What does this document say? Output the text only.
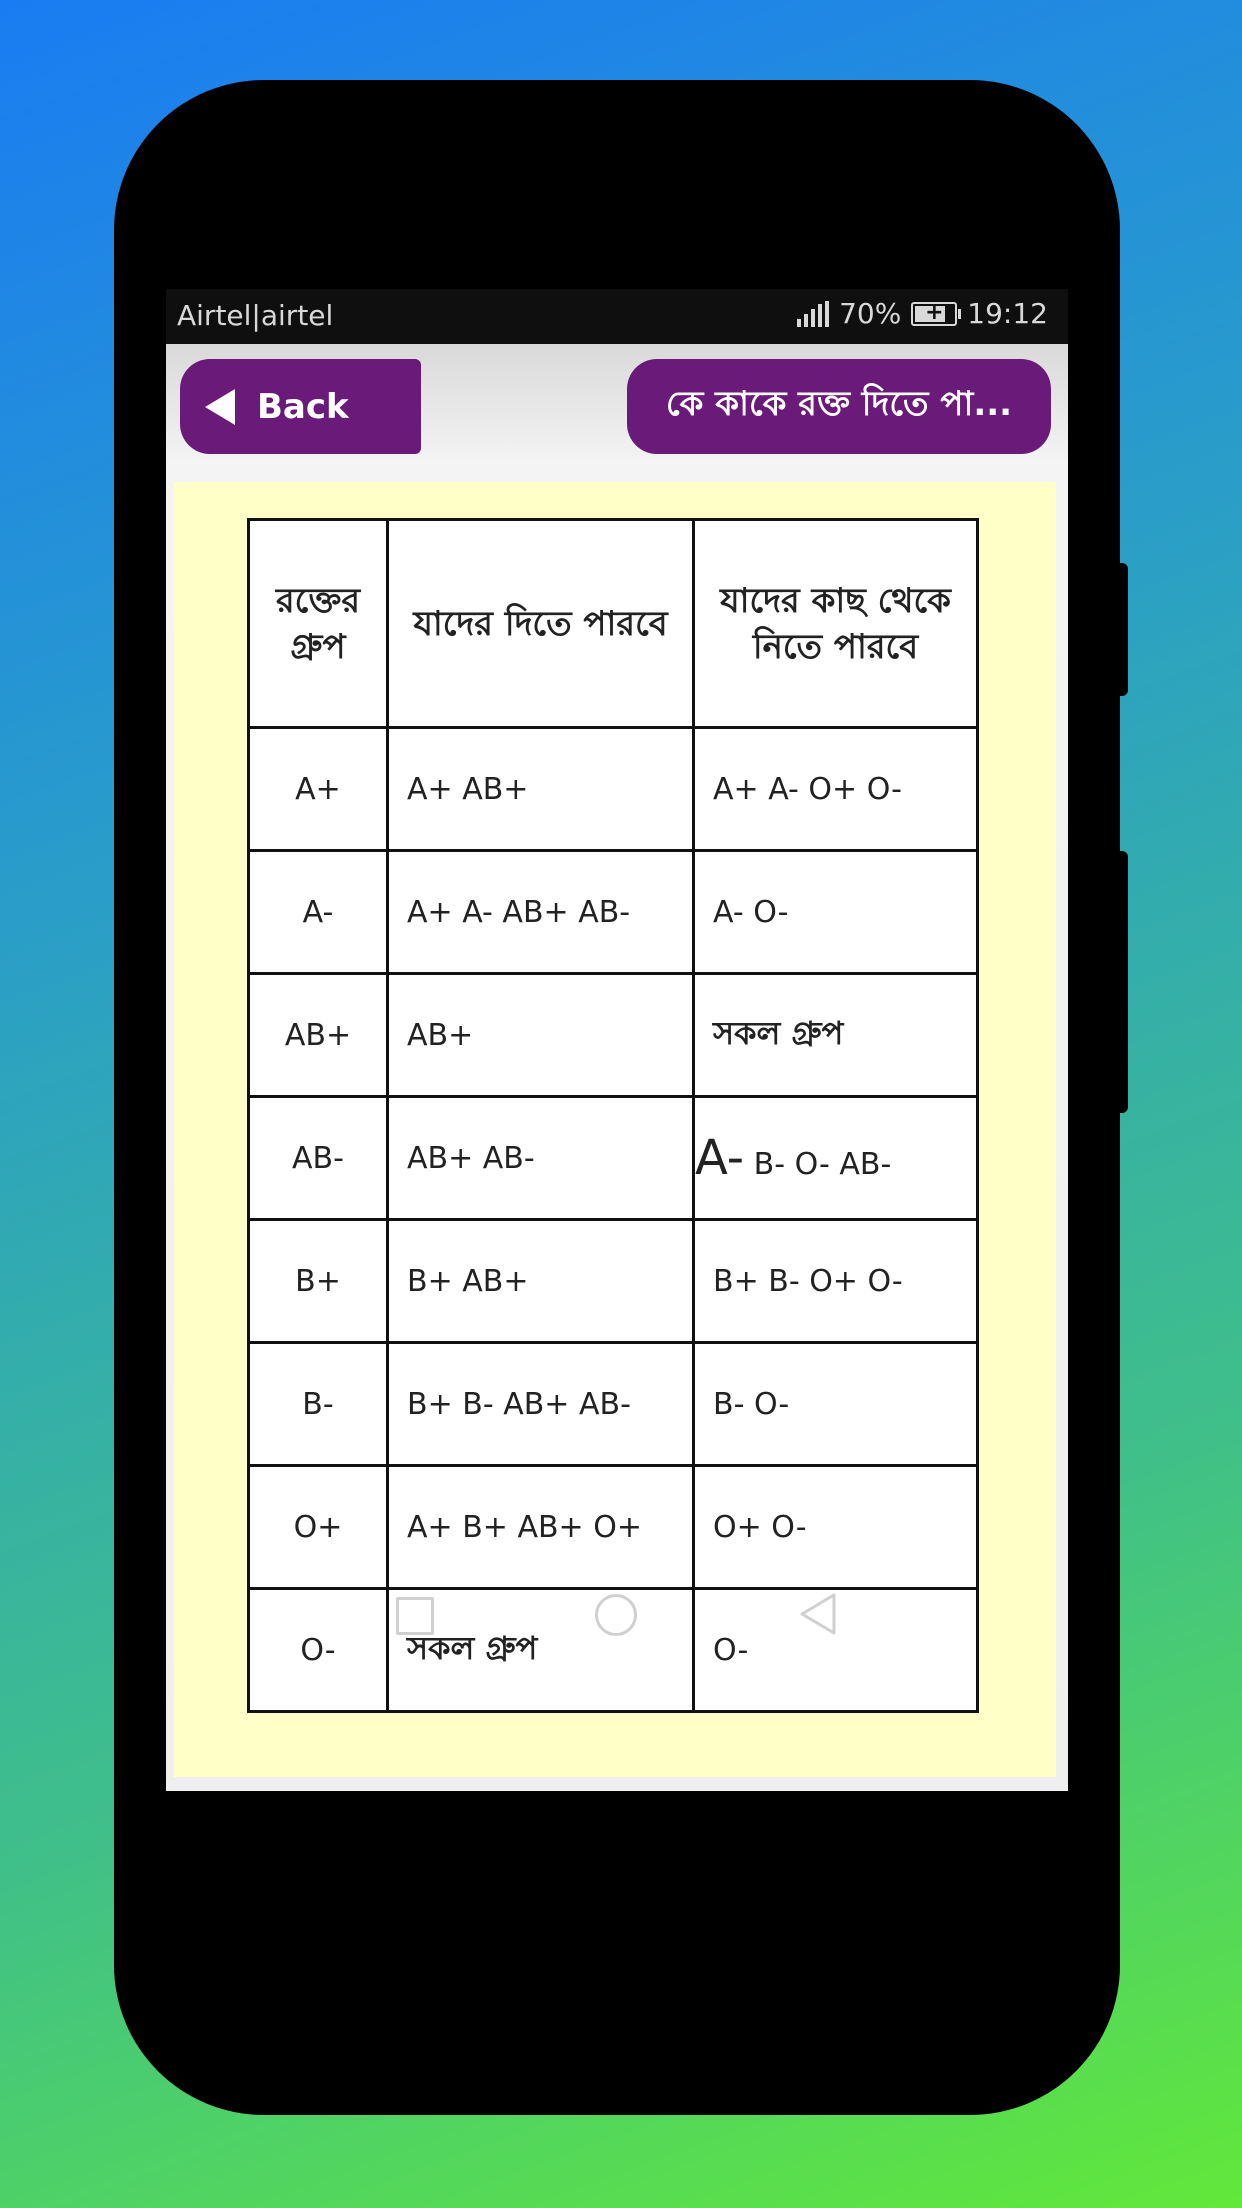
Airtel|airtel	70%	+ 19:12
Back	কে কাকে রক্ত দিতে পা...
রক্তের গ্রুপ	যাদের দিতে পারবে	যাদের কাছ থেকে নিতে পারবে
A+	A+ AB+	A+ A- O+ O-
A-	A+ A- AB+ AB-	A- O-
AB+	AB+	সকল গ্রুপ
AB-	AB+ AB-	A- B- O- AB-
B+	B+ AB+	B+ B- O+ O-
B-	B+ B- AB+ AB-	B- O-
O+	A+ B+ AB+ O+	O+ O-
O-	সকল গ্রুপ	O-
